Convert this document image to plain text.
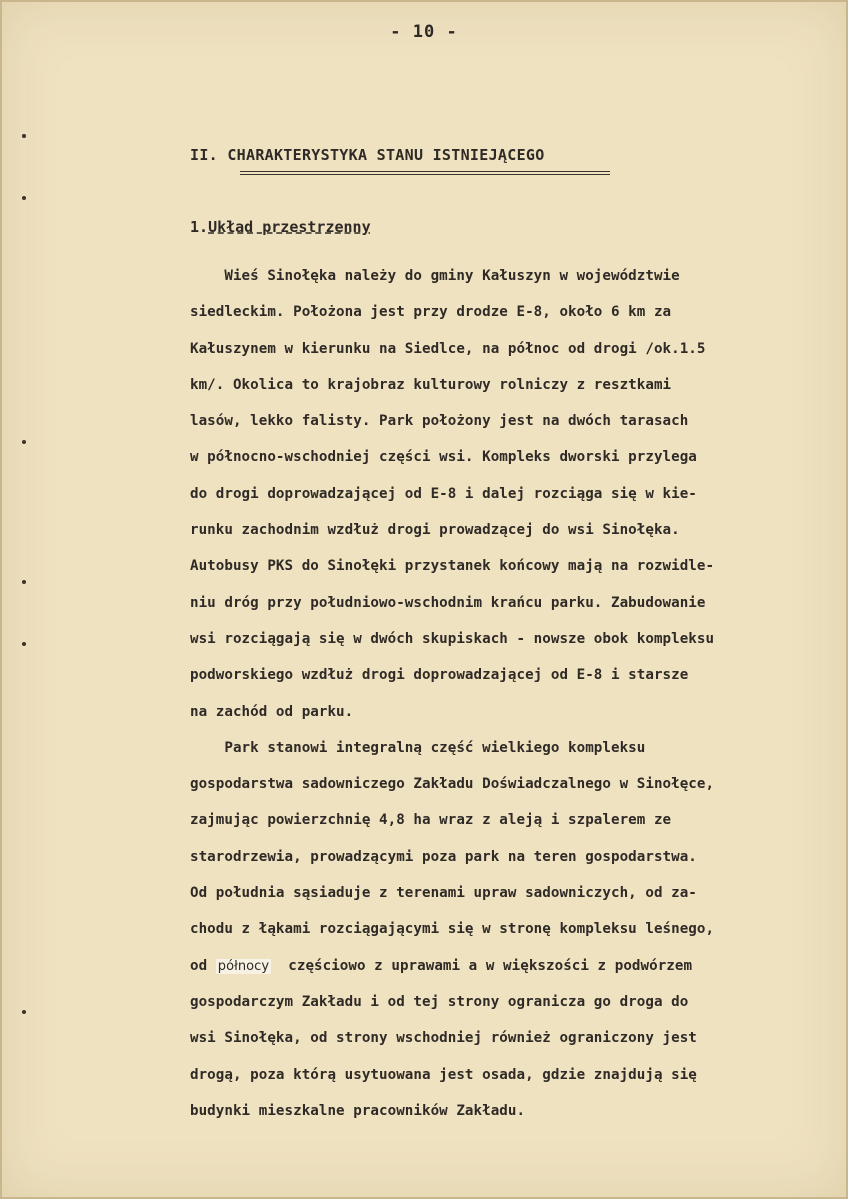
- 10 -
II. CHARAKTERYSTYKA STANU ISTNIEJĄCEGO
1.Układ przestrzenny
Wieś Sinołęka należy do gminy Kałuszyn w województwie
siedleckim. Położona jest przy drodze E-8, około 6 km za
Kałuszynem w kierunku na Siedlce, na północ od drogi /ok.1.5
km/. Okolica to krajobraz kulturowy rolniczy z resztkami
lasów, lekko falisty. Park położony jest na dwóch tarasach
w północno-wschodniej części wsi. Kompleks dworski przylega
do drogi doprowadzającej od E-8 i dalej rozciąga się w kie-
runku zachodnim wzdłuż drogi prowadzącej do wsi Sinołęka.
Autobusy PKS do Sinołęki przystanek końcowy mają na rozwidle-
niu dróg przy południowo-wschodnim krańcu parku. Zabudowanie
wsi rozciągają się w dwóch skupiskach - nowsze obok kompleksu
podworskiego wzdłuż drogi doprowadzającej od E-8 i starsze
na zachód od parku.
Park stanowi integralną część wielkiego kompleksu
gospodarstwa sadowniczego Zakładu Doświadczalnego w Sinołęce,
zajmując powierzchnię 4,8 ha wraz z aleją i szpalerem ze
starodrzewia, prowadzącymi poza park na teren gospodarstwa.
Od południa sąsiaduje z terenami upraw sadowniczych, od za-
chodu z łąkami rozciągającymi się w stronę kompleksu leśnego,
od północy  częściowo z uprawami a w większości z podwórzem
gospodarczym Zakładu i od tej strony ogranicza go droga do
wsi Sinołęka, od strony wschodniej również ograniczony jest
drogą, poza którą usytuowana jest osada, gdzie znajdują się
budynki mieszkalne pracowników Zakładu.
